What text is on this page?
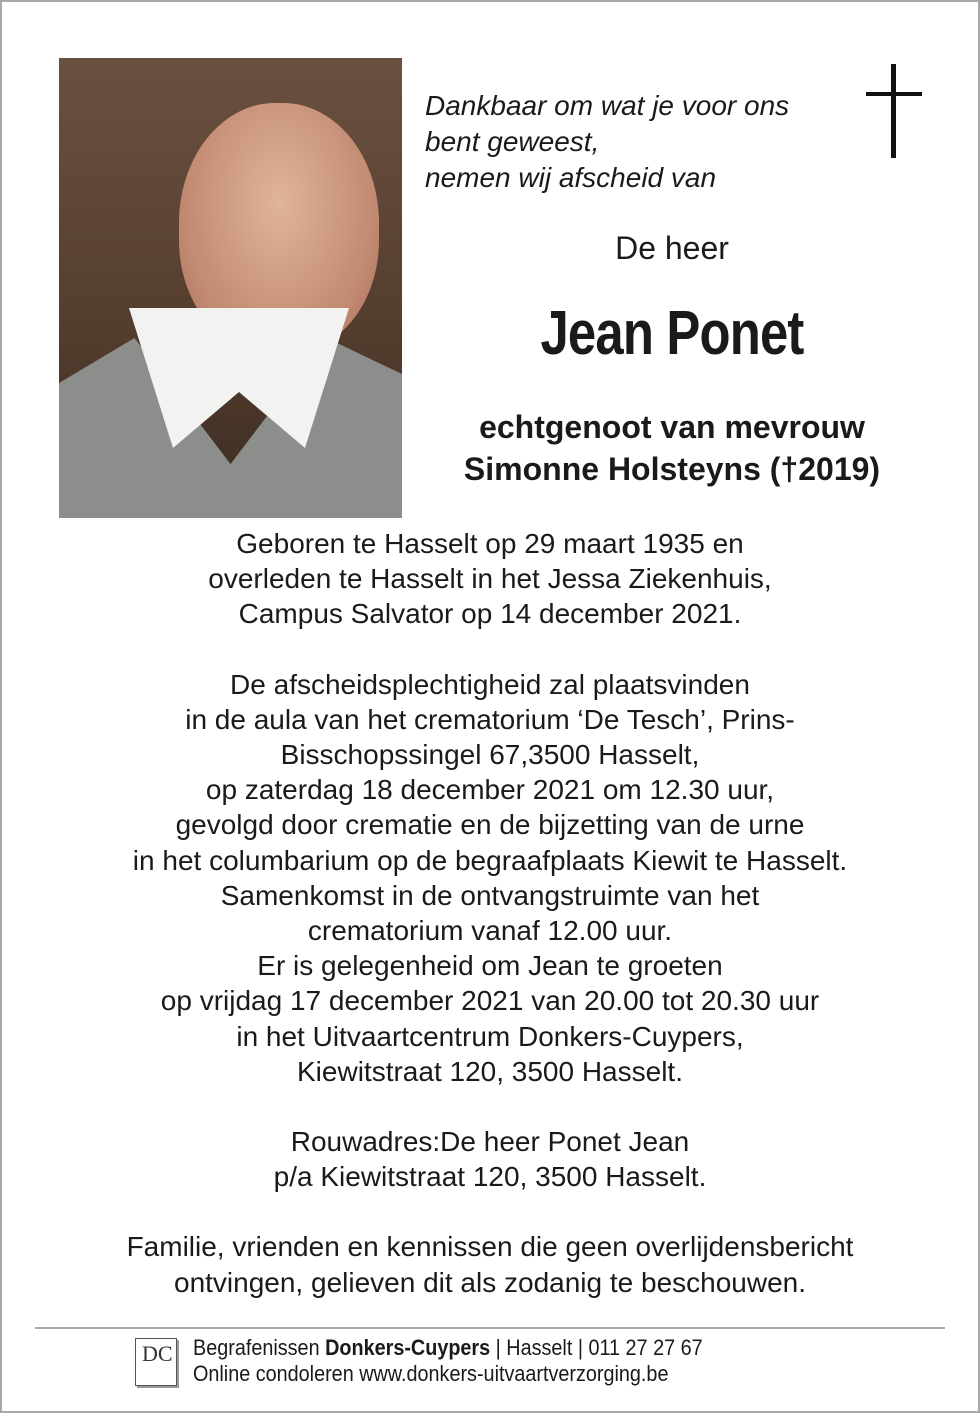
Dankbaar om wat je voor ons
bent geweest,
nemen wij afscheid van
De heer
Jean Ponet
echtgenoot van mevrouw
Simonne Holsteyns (†2019)

Geboren te Hasselt op 29 maart 1935 en
overleden te Hasselt in het Jessa Ziekenhuis,
Campus Salvator op 14 december 2021.

De afscheidsplechtigheid zal plaatsvinden
in de aula van het crematorium ‘De Tesch’, Prins-
Bisschopssingel 67,3500 Hasselt,
op zaterdag 18 december 2021 om 12.30 uur,
gevolgd door crematie en de bijzetting van de urne
in het columbarium op de begraafplaats Kiewit te Hasselt.
Samenkomst in de ontvangstruimte van het
crematorium vanaf 12.00 uur.
Er is gelegenheid om Jean te groeten
op vrijdag 17 december 2021 van 20.00 tot 20.30 uur
in het Uitvaartcentrum Donkers-Cuypers,
Kiewitstraat 120, 3500 Hasselt.

Rouwadres:De heer Ponet Jean
p/a Kiewitstraat 120, 3500 Hasselt.

Familie, vrienden en kennissen die geen overlijdensbericht
ontvingen, gelieven dit als zodanig te beschouwen.

DC Begrafenissen Donkers-Cuypers | Hasselt | 011 27 27 67
Online condoleren www.donkers-uitvaartverzorging.be
